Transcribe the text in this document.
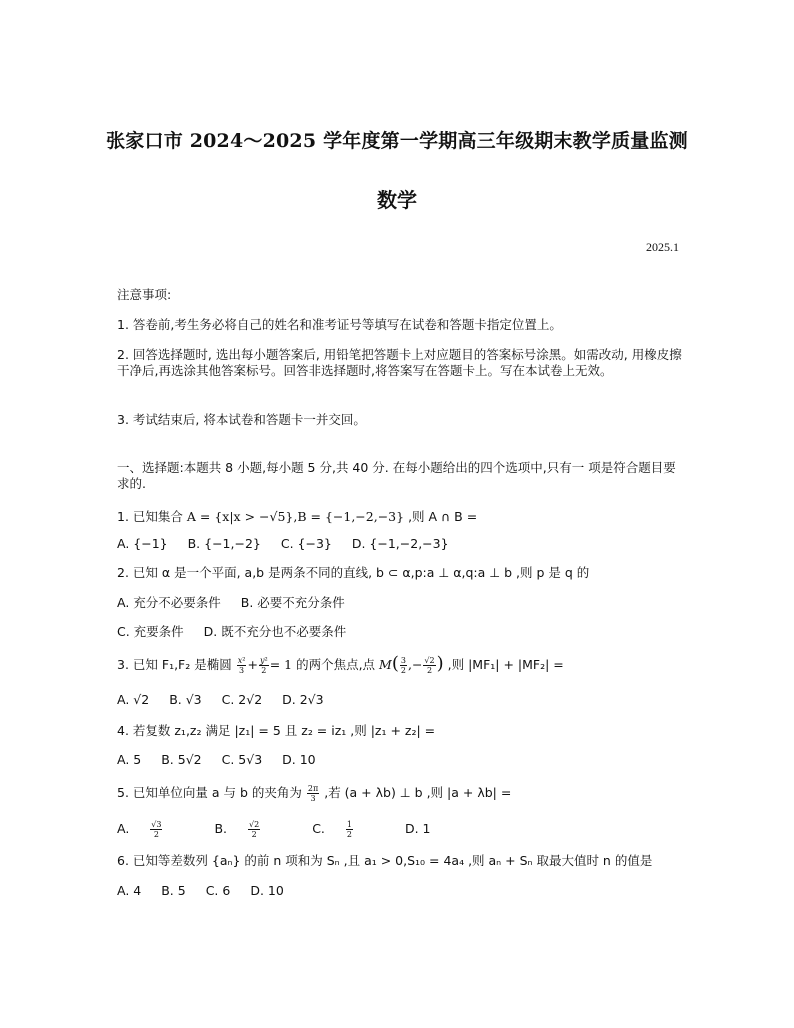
张家口市 2024～2025 学年度第一学期高三年级期末教学质量监测
数学
2025.1
注意事项:
1. 答卷前,考生务必将自己的姓名和准考证号等填写在试卷和答题卡指定位置上。
2. 回答选择题时, 选出每小题答案后, 用铅笔把答题卡上对应题目的答案标号涂黑。如需改动, 用橡皮擦干净后,再选涂其他答案标号。回答非选择题时,将答案写在答题卡上。写在本试卷上无效。
3. 考试结束后, 将本试卷和答题卡一并交回。
一、选择题:本题共 8 小题,每小题 5 分,共 40 分. 在每小题给出的四个选项中,只有一 项是符合题目要求的.
1. 已知集合 A = {x|x > −√5},B = {−1,−2,−3} ,则 A ∩ B =
A. {−1} B. {−1,−2} C. {−3} D. {−1,−2,−3}
2. 已知 α 是一个平面, a,b 是两条不同的直线, b ⊂ α,p:a ⊥ α,q:a ⊥ b ,则 p 是 q 的
A. 充分不必要条件 B. 必要不充分条件
C. 充要条件 D. 既不充分也不必要条件
3. 已知 F₁,F₂ 是椭圆 $\frac{\text{x²}}{3} + \frac{\text{y²}}{2} = 1$ 的两个焦点,点 $M( \frac{3}{2}$ ,− $\frac{√2}{2}$ ) ,则 |MF₁| + |MF₂| =
A. √2 B. √3 C. 2√2 D. 2√3
4. 若复数 z₁,z₂ 满足 |z₁| = 5 且 z₂ = iz₁ ,则 |z₁ + z₂| =
A. 5 B. 5√2 C. 5√3 D. 10
5. 已知单位向量 a 与 b 的夹角为 $\frac{2\pi}{3}$ ,若 (a + λb) ⊥ b ,则 |a + λb| =
A.	$\frac{√3}{2}$	B.	$\frac{√2}{2}$	C.	$\frac{1}{2}$	D. 1
6. 已知等差数列 {aₙ} 的前 n 项和为 Sₙ ,且 a₁ > 0,S₁₀ = 4a₄ ,则 aₙ + Sₙ 取最大值时 n 的值是
A. 4 B. 5 C. 6 D. 10
